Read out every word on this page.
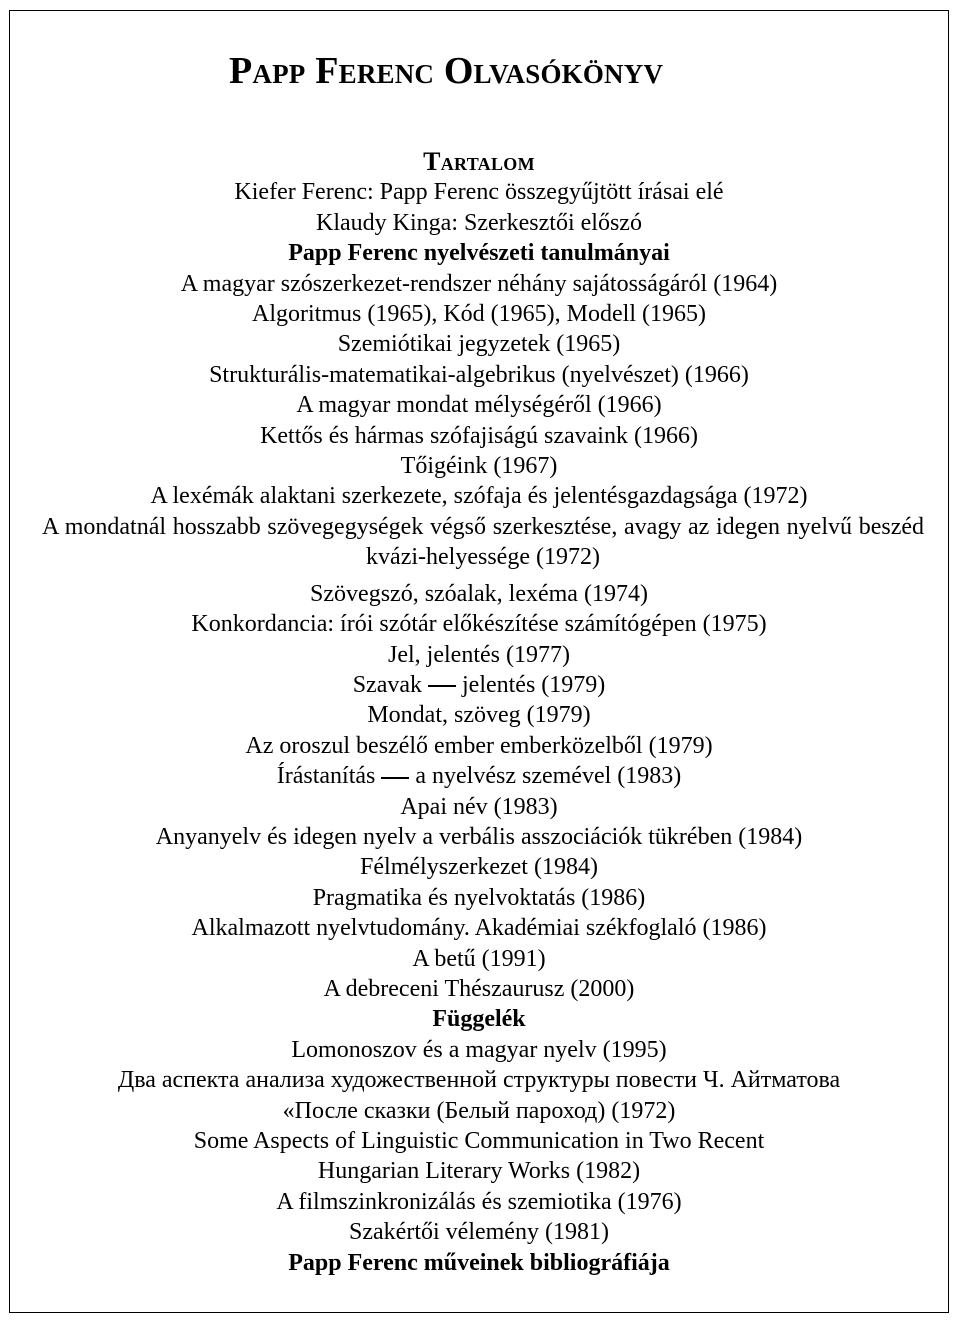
Papp Ferenc Olvasókönyv
Tartalom
Kiefer Ferenc: Papp Ferenc összegyűjtött írásai elé
Klaudy Kinga: Szerkesztői előszó
Papp Ferenc nyelvészeti tanulmányai
A magyar szószerkezet-rendszer néhány sajátosságáról (1964)
Algoritmus (1965), Kód (1965), Modell (1965)
Szemiótikai jegyzetek (1965)
Strukturális-matematikai-algebrikus (nyelvészet) (1966)
A magyar mondat mélységéről (1966)
Kettős és hármas szófajiságú szavaink (1966)
Tőigéink (1967)
A lexémák alaktani szerkezete, szófaja és jelentésgazdagsága (1972)
A mondatnál hosszabb szövegegységek végső szerkesztése, avagy az idegen nyelvű beszéd kvázi-helyessége (1972)
Szövegszó, szóalak, lexéma (1974)
Konkordancia: írói szótár előkészítése számítógépen (1975)
Jel, jelentés (1977)
Szavak jelentés (1979)
Mondat, szöveg (1979)
Az oroszul beszélő ember emberközelből (1979)
Írástanítás a nyelvész szemével (1983)
Apai név (1983)
Anyanyelv és idegen nyelv a verbális asszociációk tükrében (1984)
Félmélyszerkezet (1984)
Pragmatika és nyelvoktatás (1986)
Alkalmazott nyelvtudomány. Akadémiai székfoglaló (1986)
A betű (1991)
A debreceni Thészaurusz (2000)
Függelék
Lomonoszov és a magyar nyelv (1995)
Два аспекта анализа художественной структуры повести Ч. Айтматова
«После сказки (Белый пароход) (1972)
Some Aspects of Linguistic Communication in Two Recent
Hungarian Literary Works (1982)
A filmszinkronizálás és szemiotika (1976)
Szakértői vélemény (1981)
Papp Ferenc műveinek bibliográfiája
